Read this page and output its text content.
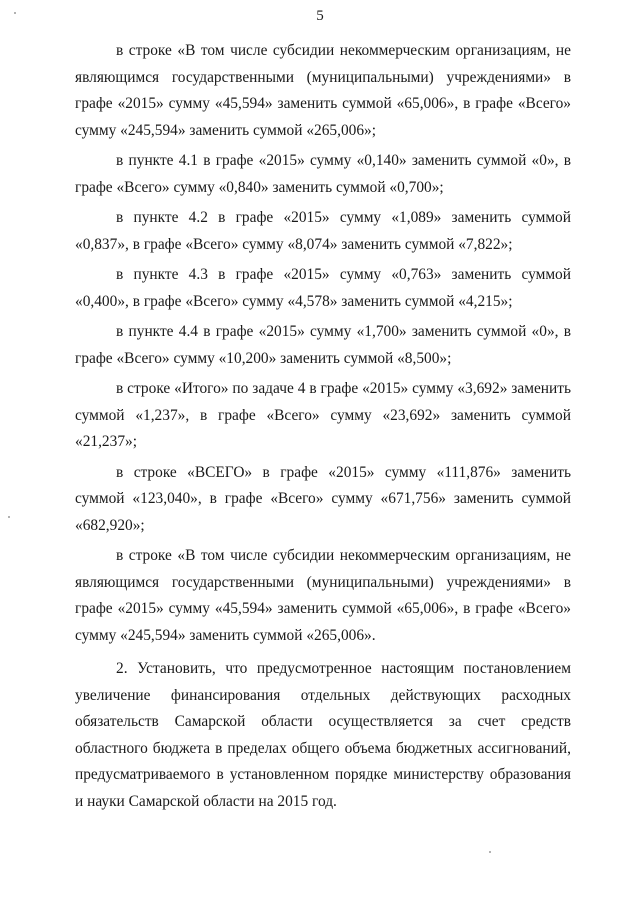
5

в строке «В том числе субсидии некоммерческим организациям, не являющимся государственными (муниципальными) учреждениями» в графе «2015» сумму «45,594» заменить суммой «65,006», в графе «Всего» сумму «245,594» заменить суммой «265,006»;

в пункте 4.1 в графе «2015» сумму «0,140» заменить суммой «0», в графе «Всего» сумму «0,840» заменить суммой «0,700»;

в пункте 4.2 в графе «2015» сумму «1,089» заменить суммой «0,837», в графе «Всего» сумму «8,074» заменить суммой «7,822»;

в пункте 4.3 в графе «2015» сумму «0,763» заменить суммой «0,400», в графе «Всего» сумму «4,578» заменить суммой «4,215»;

в пункте 4.4 в графе «2015» сумму «1,700» заменить суммой «0», в графе «Всего» сумму «10,200» заменить суммой «8,500»;

в строке «Итого» по задаче 4 в графе «2015» сумму «3,692» заменить суммой «1,237», в графе «Всего» сумму «23,692» заменить суммой «21,237»;

в строке «ВСЕГО» в графе «2015» сумму «111,876» заменить суммой «123,040», в графе «Всего» сумму «671,756» заменить суммой «682,920»;

в строке «В том числе субсидии некоммерческим организациям, не являющимся государственными (муниципальными) учреждениями» в графе «2015» сумму «45,594» заменить суммой «65,006», в графе «Всего» сумму «245,594» заменить суммой «265,006».

2. Установить, что предусмотренное настоящим постановлением увеличение финансирования отдельных действующих расходных обязательств Самарской области осуществляется за счет средств областного бюджета в пределах общего объема бюджетных ассигнований, предусматриваемого в установленном порядке министерству образования и науки Самарской области на 2015 год.
